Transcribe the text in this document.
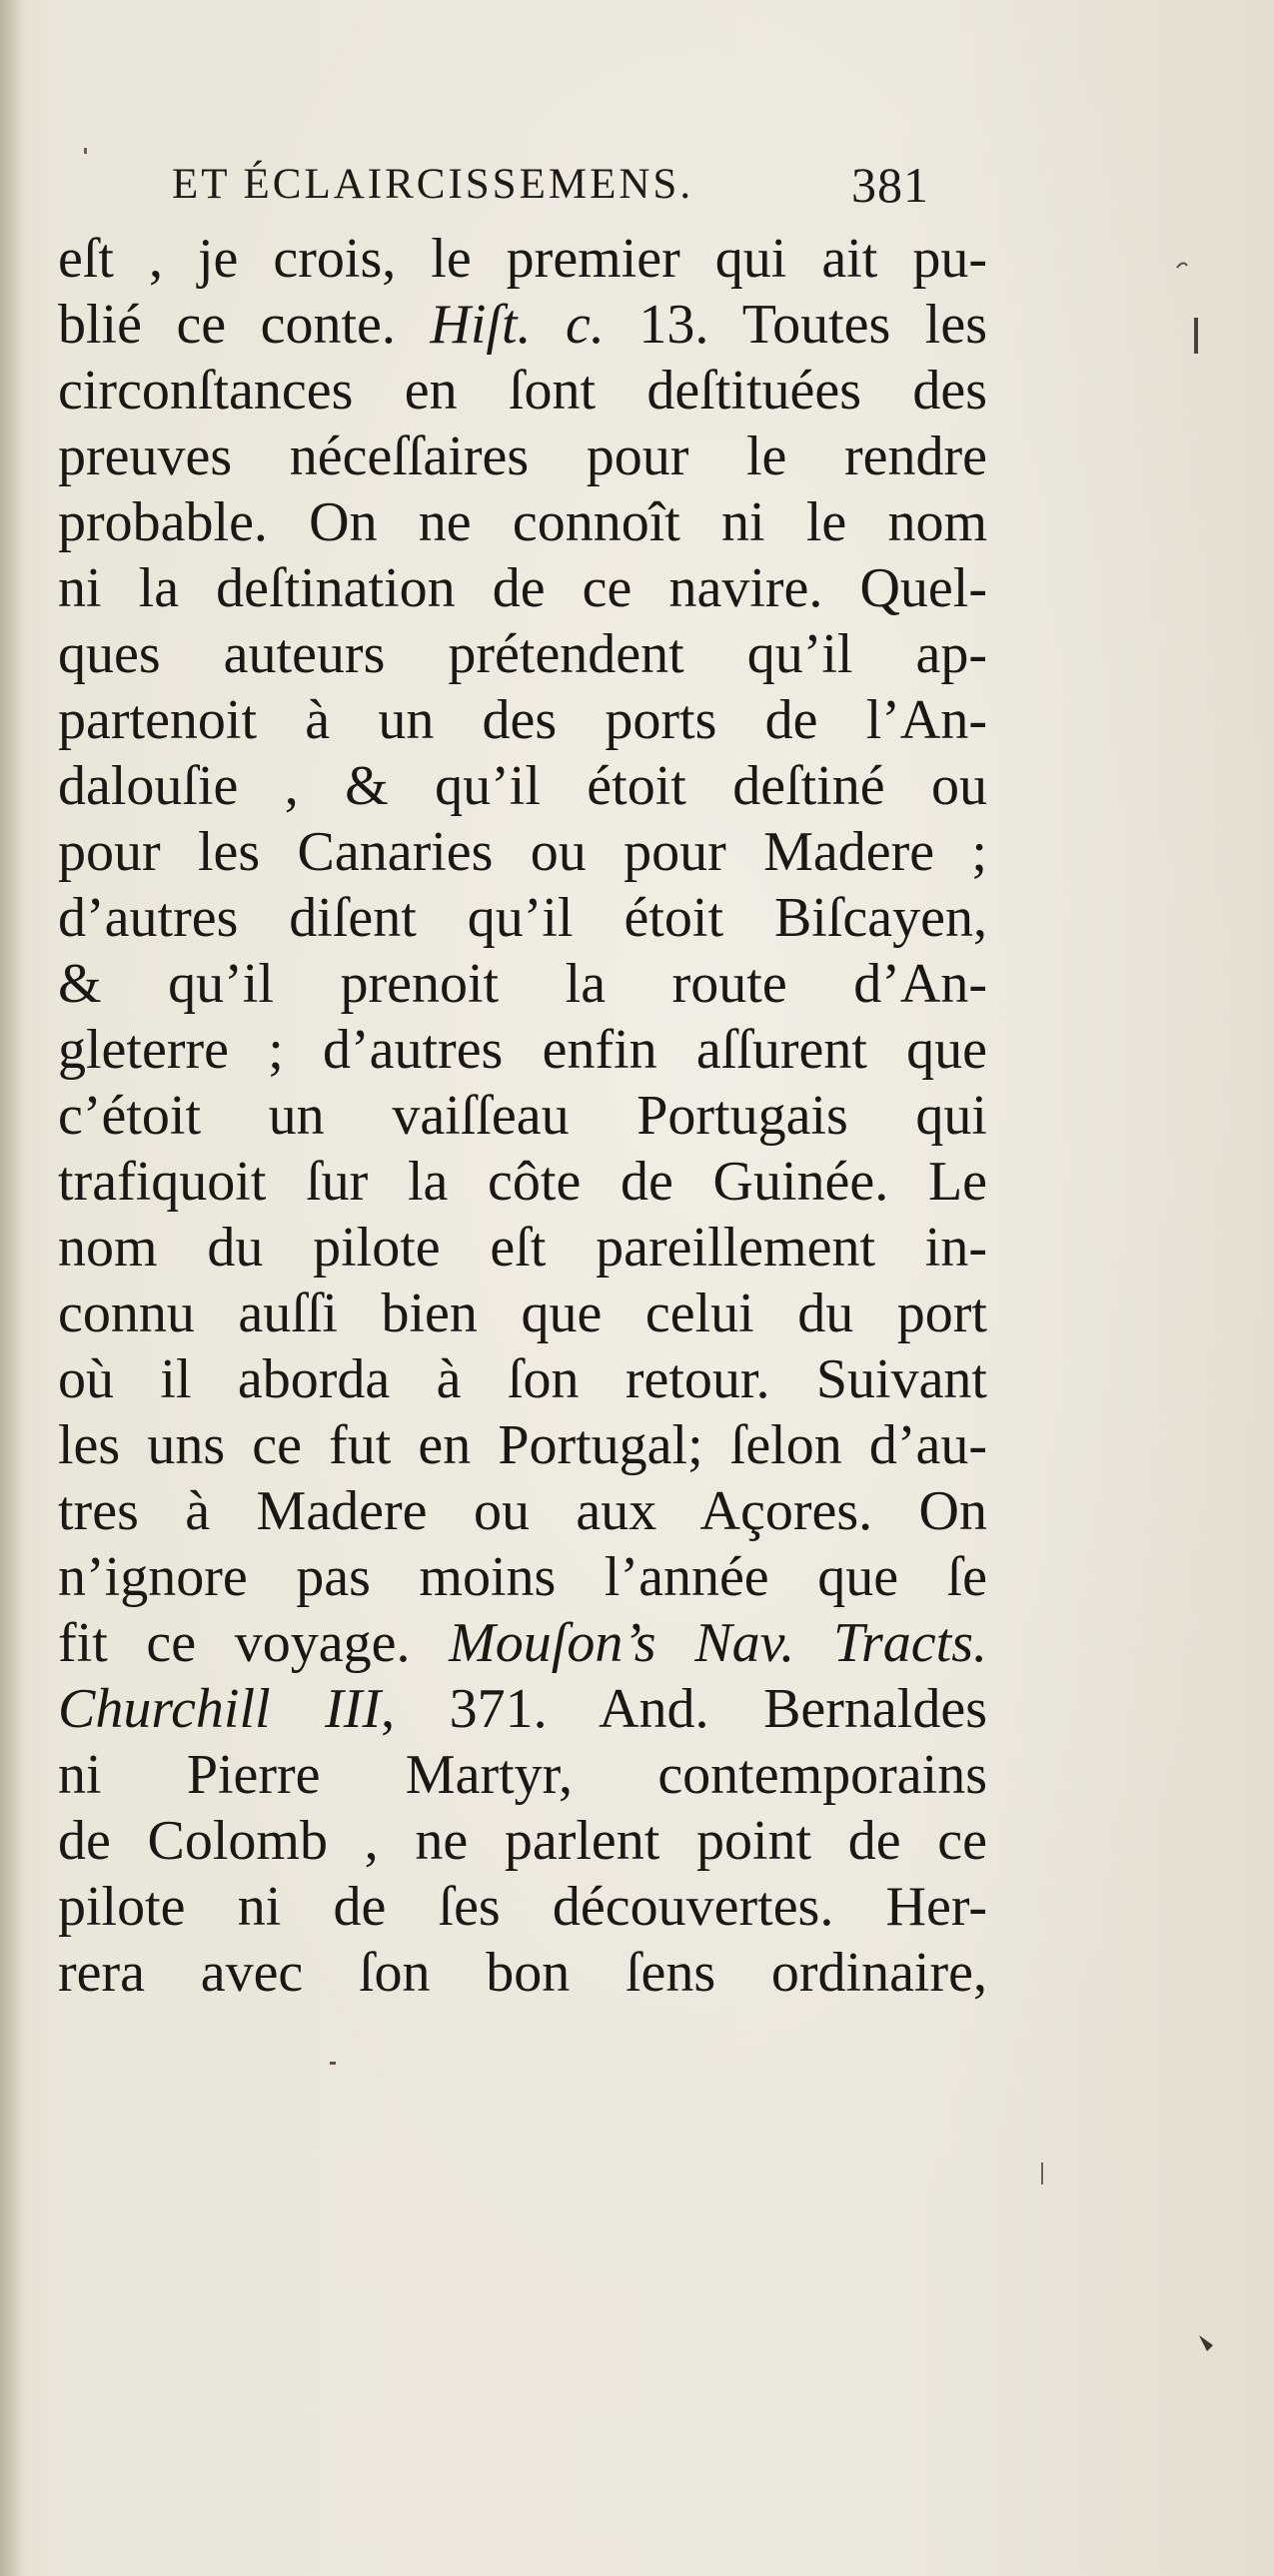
ET ÉCLAIRCISSEMENS.	381
eſt , je crois, le premier qui ait pu-
blié ce conte. Hiſt. c. 13. Toutes les
circonſtances en ſont deſtituées des
preuves néceſſaires pour le rendre
probable. On ne connoît ni le nom
ni la deſtination de ce navire. Quel-
ques auteurs prétendent qu’il ap-
partenoit à un des ports de l’An-
dalouſie , & qu’il étoit deſtiné ou
pour les Canaries ou pour Madere ;
d’autres diſent qu’il étoit Biſcayen,
& qu’il prenoit la route d’An-
gleterre ; d’autres enfin aſſurent que
c’étoit un vaiſſeau Portugais qui
trafiquoit ſur la côte de Guinée. Le
nom du pilote eſt pareillement in-
connu auſſi bien que celui du port
où il aborda à ſon retour. Suivant
les uns ce fut en Portugal; ſelon d’au-
tres à Madere ou aux Açores. On
n’ignore pas moins l’année que ſe
fit ce voyage. Mouſon’s Nav. Tracts.
Churchill III, 371. And. Bernaldes
ni Pierre Martyr, contemporains
de Colomb , ne parlent point de ce
pilote ni de ſes découvertes. Her-
rera avec ſon bon ſens ordinaire,
